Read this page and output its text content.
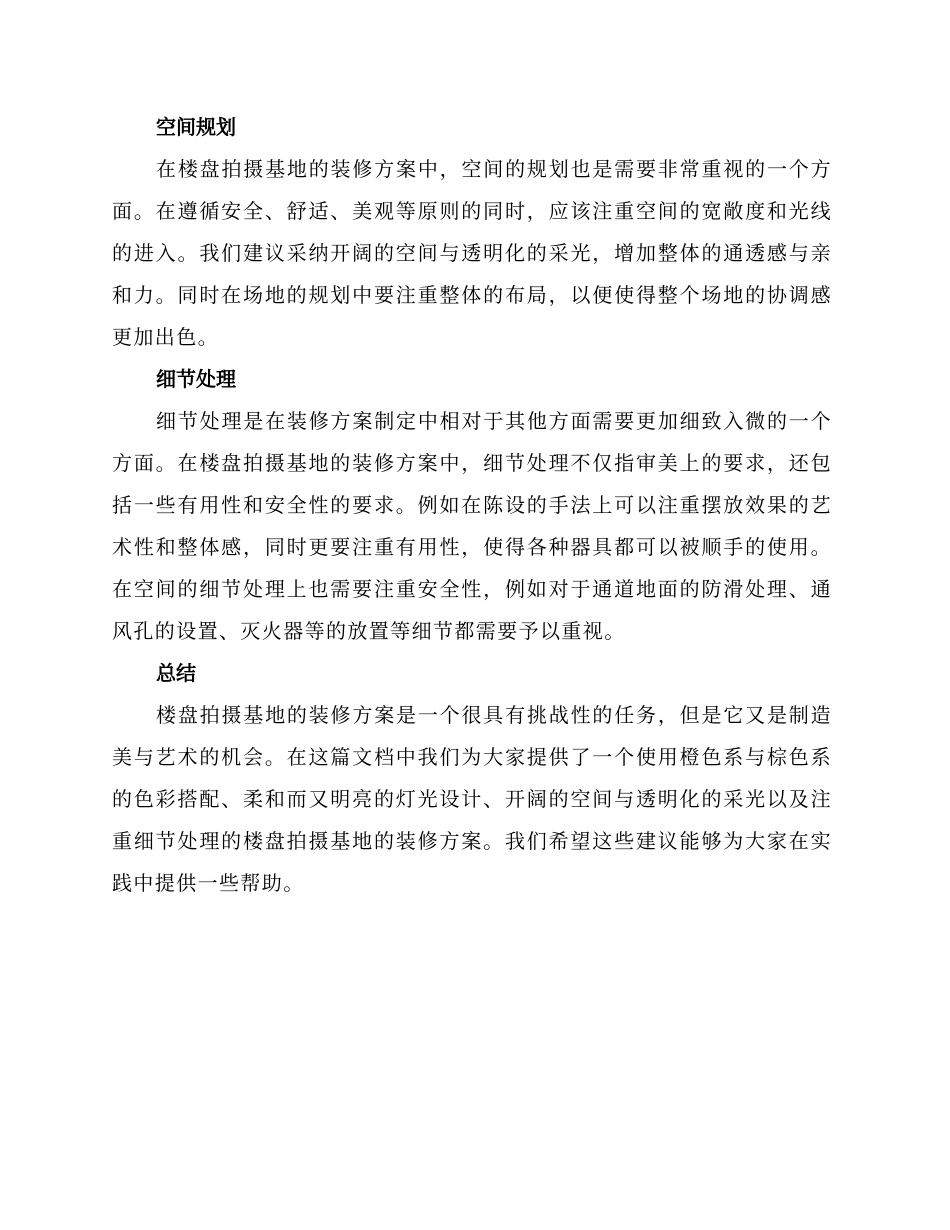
空间规划

在楼盘拍摄基地的装修方案中，空间的规划也是需要非常重视的一个方面。在遵循安全、舒适、美观等原则的同时，应该注重空间的宽敞度和光线的进入。我们建议采纳开阔的空间与透明化的采光，增加整体的通透感与亲和力。同时在场地的规划中要注重整体的布局，以便使得整个场地的协调感更加出色。

细节处理

细节处理是在装修方案制定中相对于其他方面需要更加细致入微的一个方面。在楼盘拍摄基地的装修方案中，细节处理不仅指审美上的要求，还包括一些有用性和安全性的要求。例如在陈设的手法上可以注重摆放效果的艺术性和整体感，同时更要注重有用性，使得各种器具都可以被顺手的使用。在空间的细节处理上也需要注重安全性，例如对于通道地面的防滑处理、通风孔的设置、灭火器等的放置等细节都需要予以重视。

总结

楼盘拍摄基地的装修方案是一个很具有挑战性的任务，但是它又是制造美与艺术的机会。在这篇文档中我们为大家提供了一个使用橙色系与棕色系的色彩搭配、柔和而又明亮的灯光设计、开阔的空间与透明化的采光以及注重细节处理的楼盘拍摄基地的装修方案。我们希望这些建议能够为大家在实践中提供一些帮助。
